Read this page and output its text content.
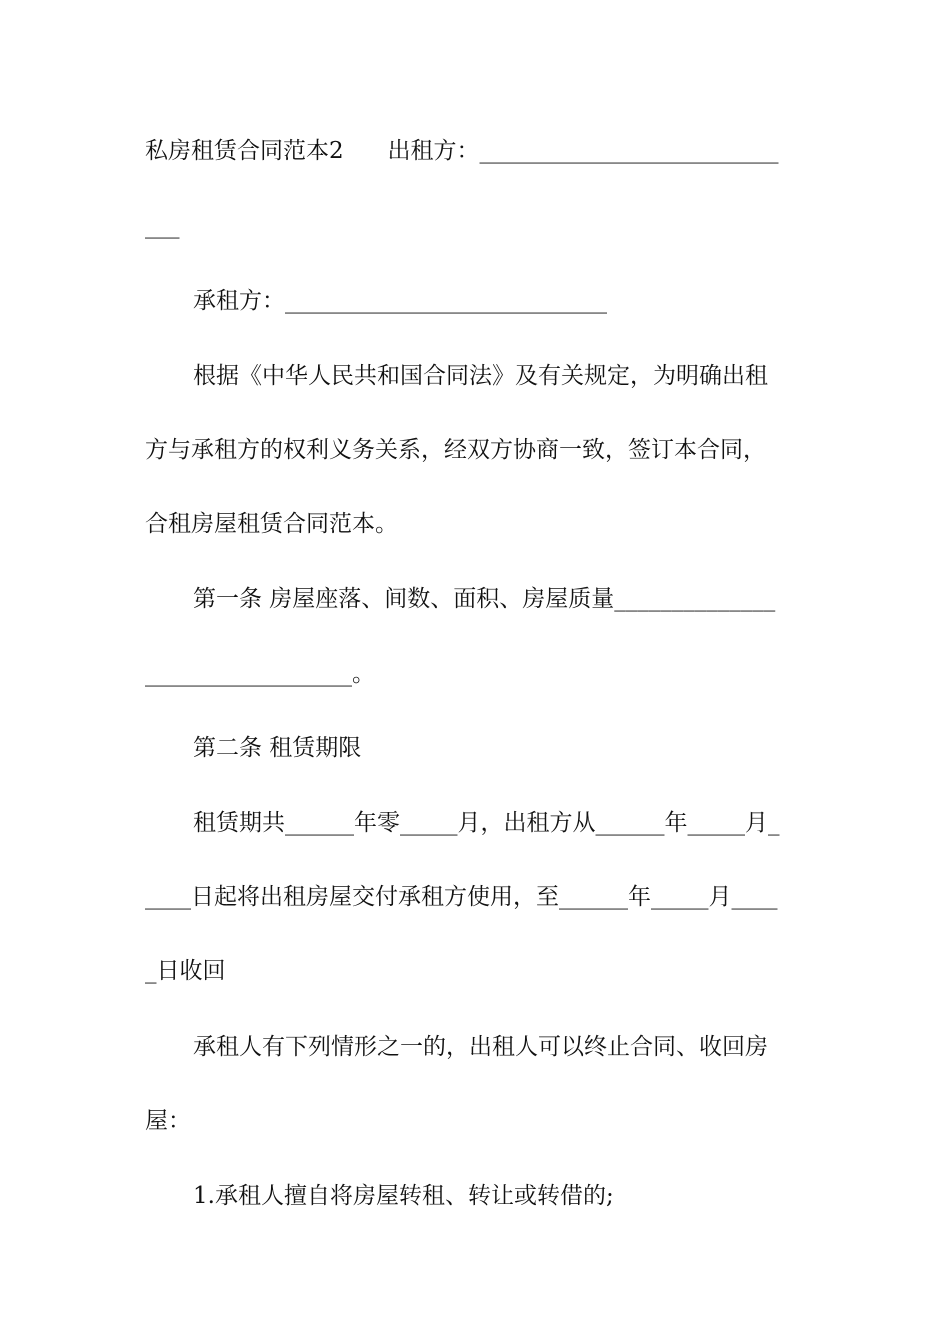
私房租赁合同范本2      出租方：__________________________
___
承租方：____________________________
根据《中华人民共和国合同法》及有关规定，为明确出租
方与承租方的权利义务关系，经双方协商一致，签订本合同，
合租房屋租赁合同范本。
第一条 房屋座落、间数、面积、房屋质量______________
__________________。
第二条 租赁期限
租赁期共______年零_____月，出租方从______年_____月_
____日起将出租房屋交付承租方使用，至______年_____月____
_日收回
承租人有下列情形之一的，出租人可以终止合同、收回房
屋：
1.承租人擅自将房屋转租、转让或转借的;
